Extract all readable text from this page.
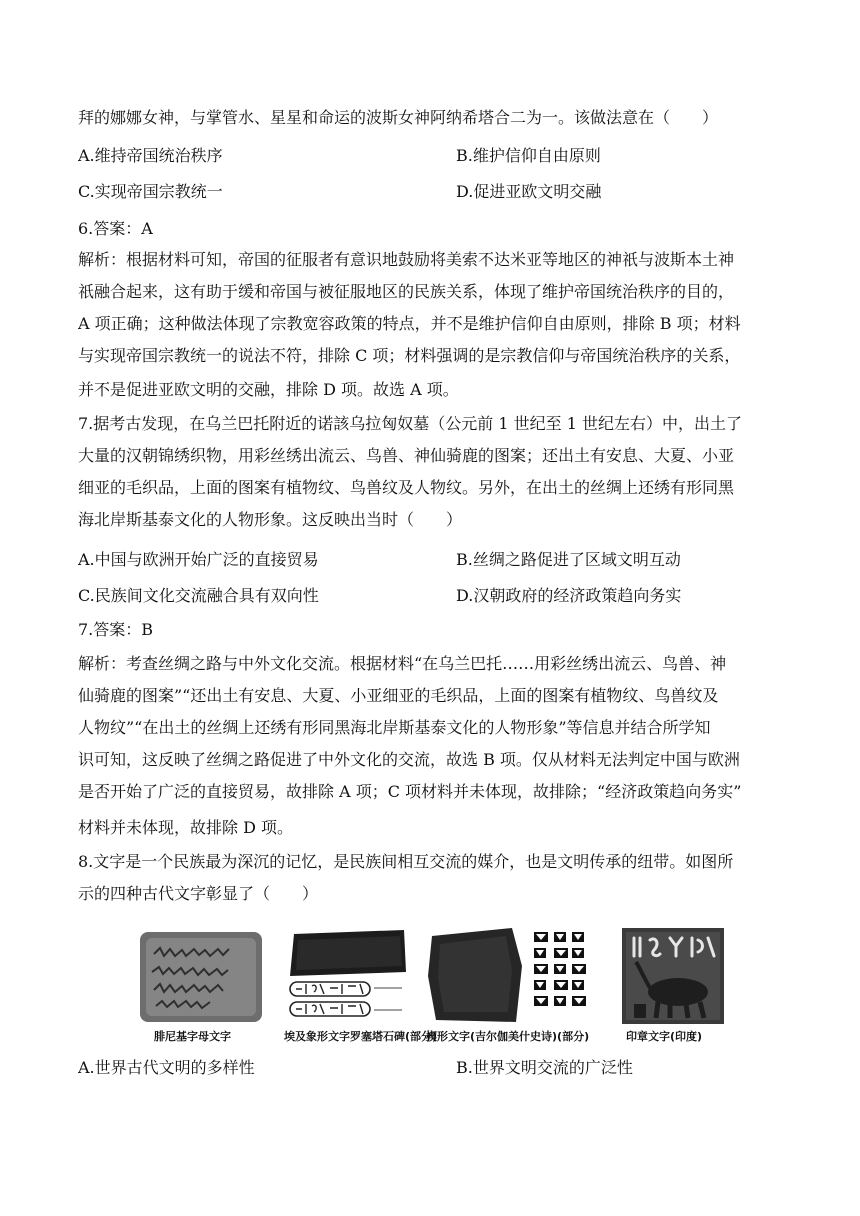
拜的娜娜女神，与掌管水、星星和命运的波斯女神阿纳希塔合二为一。该做法意在（　　）
A.维持帝国统治秩序	B.维护信仰自由原则
C.实现帝国宗教统一	D.促进亚欧文明交融
6.答案：A
解析：根据材料可知，帝国的征服者有意识地鼓励将美索不达米亚等地区的神祇与波斯本土神
祇融合起来，这有助于缓和帝国与被征服地区的民族关系，体现了维护帝国统治秩序的目的，
A 项正确；这种做法体现了宗教宽容政策的特点，并不是维护信仰自由原则，排除 B 项；材料
与实现帝国宗教统一的说法不符，排除 C 项；材料强调的是宗教信仰与帝国统治秩序的关系，
并不是促进亚欧文明的交融，排除 D 项。故选 A 项。
7.据考古发现，在乌兰巴托附近的诺該乌拉匈奴墓（公元前 1 世纪至 1 世纪左右）中，出土了
大量的汉朝锦绣织物，用彩丝绣出流云、鸟兽、神仙骑鹿的图案；还出土有安息、大夏、小亚
细亚的毛织品，上面的图案有植物纹、鸟兽纹及人物纹。另外，在出土的丝绸上还绣有形同黑
海北岸斯基泰文化的人物形象。这反映出当时（　　）
A.中国与欧洲开始广泛的直接贸易	B.丝绸之路促进了区域文明互动
C.民族间文化交流融合具有双向性	D.汉朝政府的经济政策趋向务实
7.答案：B
解析：考查丝绸之路与中外文化交流。根据材料“在乌兰巴托……用彩丝绣出流云、鸟兽、神
仙骑鹿的图案”“还出土有安息、大夏、小亚细亚的毛织品，上面的图案有植物纹、鸟兽纹及
人物纹”“在出土的丝绸上还绣有形同黑海北岸斯基泰文化的人物形象”等信息并结合所学知
识可知，这反映了丝绸之路促进了中外文化的交流，故选 B 项。仅从材料无法判定中国与欧洲
是否开始了广泛的直接贸易，故排除 A 项；C 项材料并未体现，故排除；“经济政策趋向务实”
材料并未体现，故排除 D 项。
8.文字是一个民族最为深沉的记忆，是民族间相互交流的媒介，也是文明传承的纽带。如图所
示的四种古代文字彰显了（　　）
腓尼基字母文字	埃及象形文字罗塞塔石碑(部分)
楔形文字(吉尔伽美什史诗)(部分)	印章文字(印度)
A.世界古代文明的多样性	B.世界文明交流的广泛性
